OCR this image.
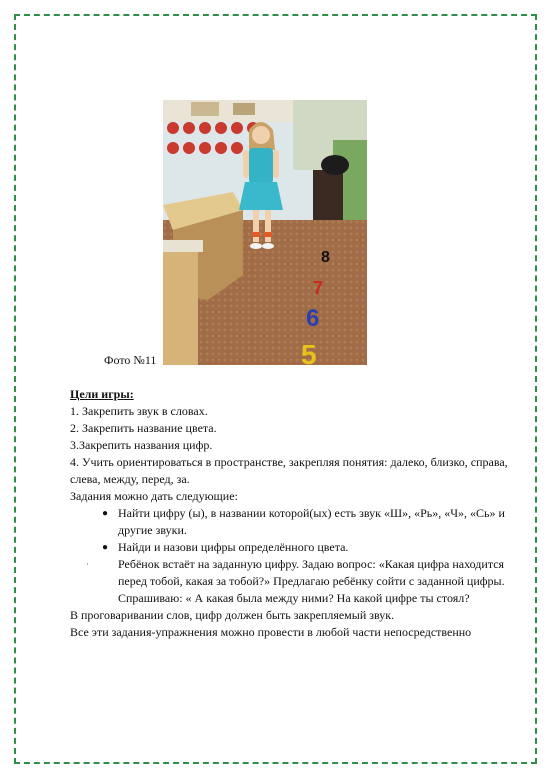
8
7
6
5
Фото №11

Цели игры:

1. Закрепить звук в словах.

2. Закрепить название цвета.

3.Закрепить названия цифр.

4. Учить ориентироваться в пространстве, закрепляя понятия: далеко, близко, справа, слева, между, перед, за.

Задания можно дать следующие:

● Найти цифру (ы), в названии которой(ых) есть звук «Ш», «Рь», «Ч», «Сь» и другие звуки.
● Найди и назови цифры определённого цвета.
· Ребёнок встаёт на заданную цифру. Задаю вопрос: «Какая цифра находится перед тобой, какая за тобой?» Предлагаю ребёнку сойти с заданной цифры. Спрашиваю: « А какая была между ними? На какой цифре ты стоял?

В проговаривании слов, цифр должен быть закрепляемый звук.

Все эти задания-упражнения можно провести в любой части непосредственно
